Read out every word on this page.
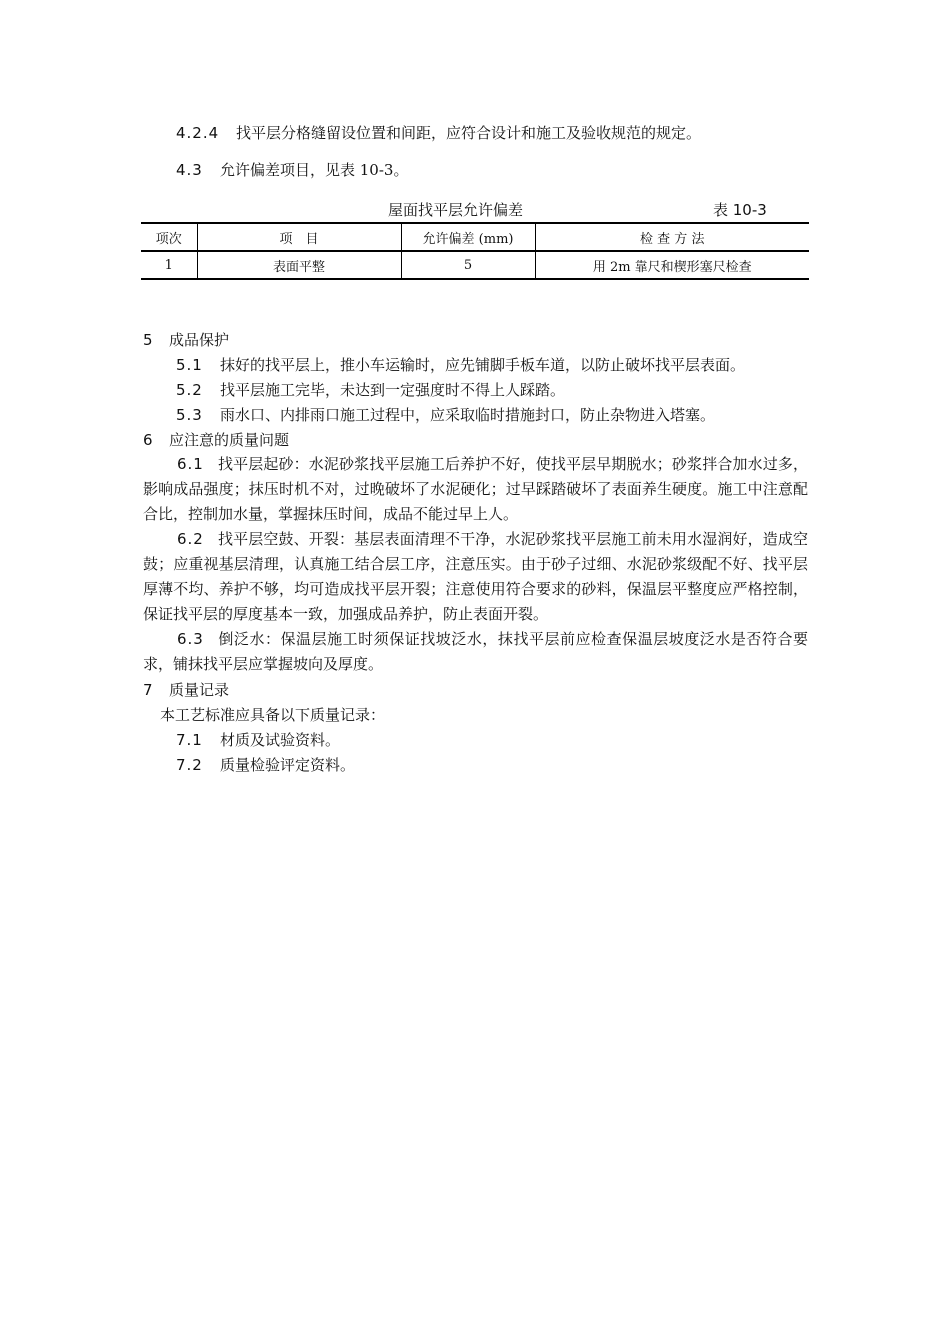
4.2.4 找平层分格缝留设位置和间距，应符合设计和施工及验收规范的规定。
4.3 允许偏差项目，见表 10-3。
屋面找平层允许偏差	表 10-3
项次	项　目	允许偏差 (mm)	检 查 方 法
1	表面平整	5	用 2m 靠尺和楔形塞尺检查
5 成品保护
5.1 抹好的找平层上，推小车运输时，应先铺脚手板车道，以防止破坏找平层表面。
5.2 找平层施工完毕，未达到一定强度时不得上人踩踏。
5.3 雨水口、内排雨口施工过程中，应采取临时措施封口，防止杂物进入塔塞。
6 应注意的质量问题
6.1 找平层起砂：水泥砂浆找平层施工后养护不好，使找平层早期脱水；砂浆拌合加水过多，影响成品强度；抹压时机不对，过晚破坏了水泥硬化；过早踩踏破坏了表面养生硬度。施工中注意配合比，控制加水量，掌握抹压时间，成品不能过早上人。
6.2 找平层空鼓、开裂：基层表面清理不干净，水泥砂浆找平层施工前未用水湿润好，造成空鼓；应重视基层清理，认真施工结合层工序，注意压实。由于砂子过细、水泥砂浆级配不好、找平层厚薄不均、养护不够，均可造成找平层开裂；注意使用符合要求的砂料，保温层平整度应严格控制，保证找平层的厚度基本一致，加强成品养护，防止表面开裂。
6.3 倒泛水：保温层施工时须保证找坡泛水，抹找平层前应检查保温层坡度泛水是否符合要求，铺抹找平层应掌握坡向及厚度。
7 质量记录
本工艺标准应具备以下质量记录：
7.1 材质及试验资料。
7.2 质量检验评定资料。
